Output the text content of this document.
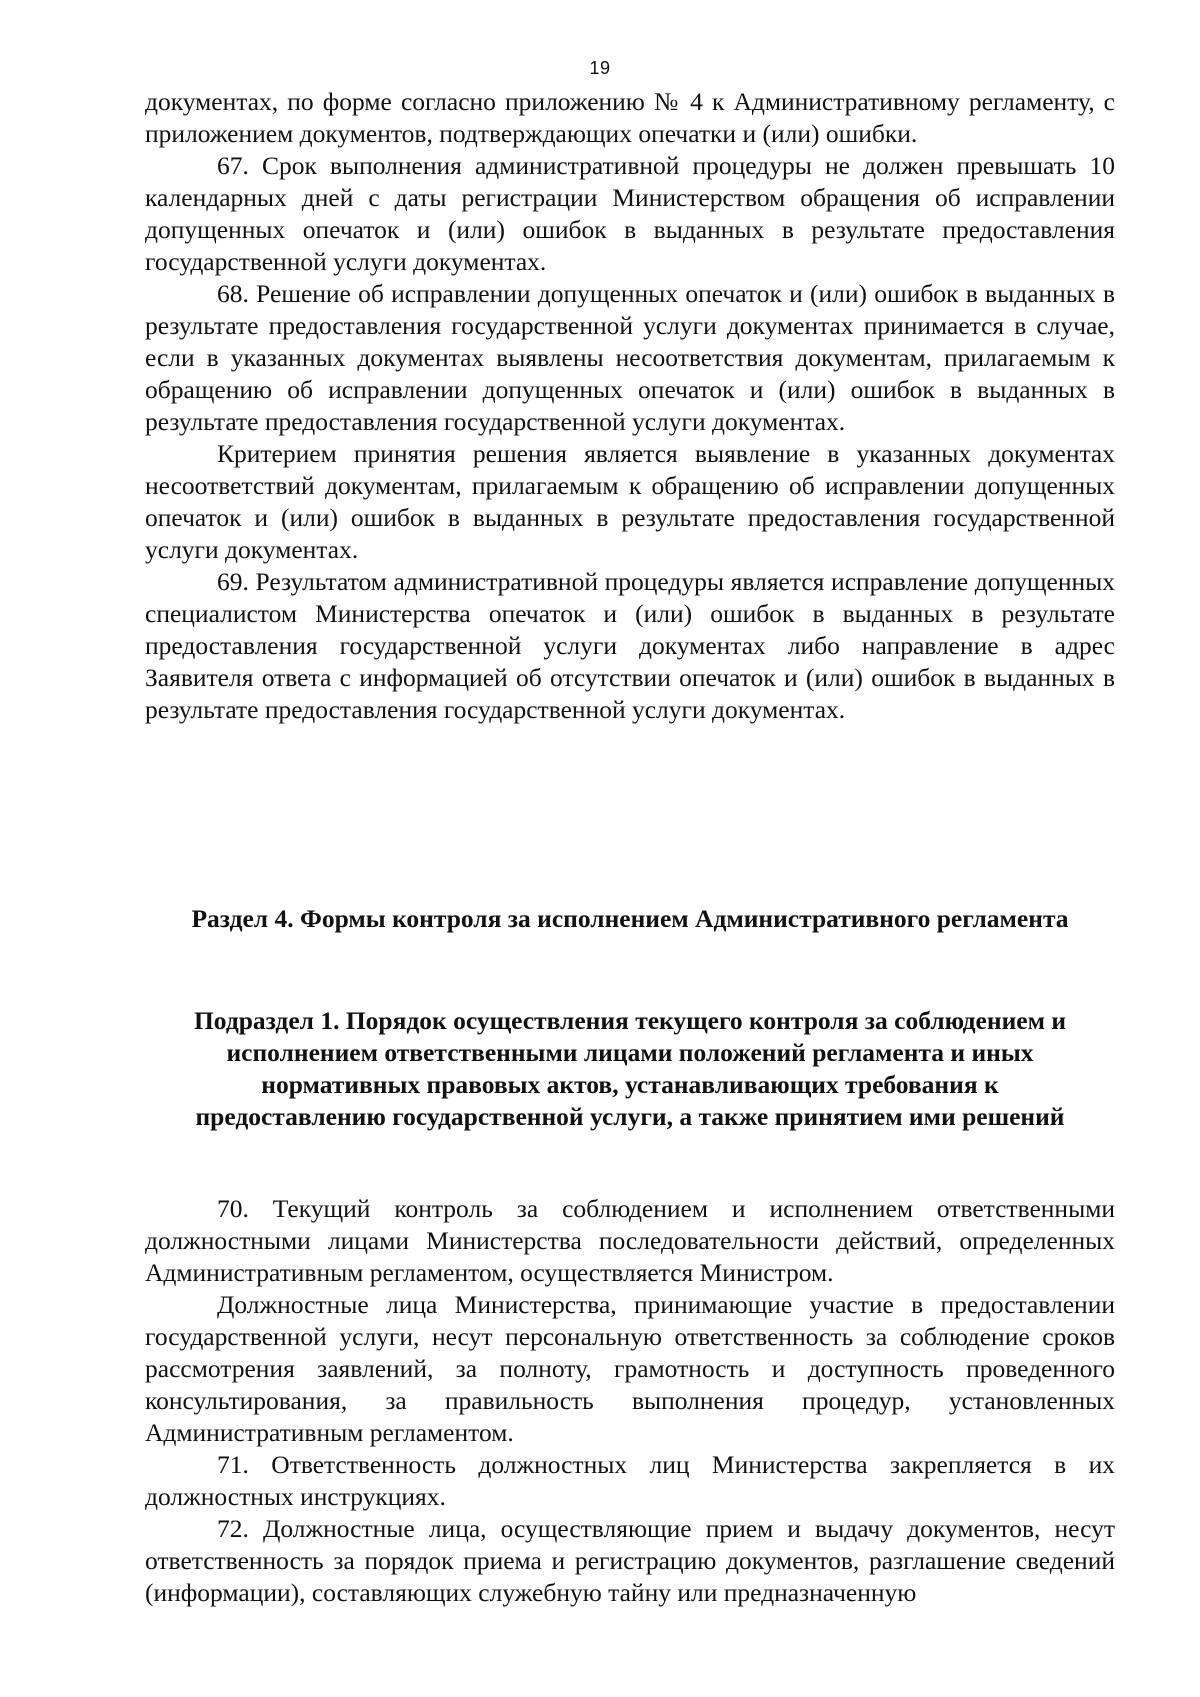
19

документах, по форме согласно приложению № 4 к Административному регламенту, с приложением документов, подтверждающих опечатки и (или) ошибки.

67. Срок выполнения административной процедуры не должен превышать 10 календарных дней с даты регистрации Министерством обращения об исправлении допущенных опечаток и (или) ошибок в выданных в результате предоставления государственной услуги документах.

68. Решение об исправлении допущенных опечаток и (или) ошибок в выданных в результате предоставления государственной услуги документах принимается в случае, если в указанных документах выявлены несоответствия документам, прилагаемым к обращению об исправлении допущенных опечаток и (или) ошибок в выданных в результате предоставления государственной услуги документах.

Критерием принятия решения является выявление в указанных документах несоответствий документам, прилагаемым к обращению об исправлении допущенных опечаток и (или) ошибок в выданных в результате предоставления государственной услуги документах.

69. Результатом административной процедуры является исправление допущенных специалистом Министерства опечаток и (или) ошибок в выданных в результате предоставления государственной услуги документах либо направление в адрес Заявителя ответа с информацией об отсутствии опечаток и (или) ошибок в выданных в результате предоставления государственной услуги документах.

Раздел 4. Формы контроля за исполнением Административного регламента
Подраздел 1. Порядок осуществления текущего контроля за соблюдением и исполнением ответственными лицами положений регламента и иных нормативных правовых актов, устанавливающих требования к предоставлению государственной услуги, а также принятием ими решений

70. Текущий контроль за соблюдением и исполнением ответственными должностными лицами Министерства последовательности действий, определенных Административным регламентом, осуществляется Министром.

Должностные лица Министерства, принимающие участие в предоставлении государственной услуги, несут персональную ответственность за соблюдение сроков рассмотрения заявлений, за полноту, грамотность и доступность проведенного консультирования, за правильность выполнения процедур, установленных Административным регламентом.

71. Ответственность должностных лиц Министерства закрепляется в их должностных инструкциях.

72. Должностные лица, осуществляющие прием и выдачу документов, несут ответственность за порядок приема и регистрацию документов, разглашение сведений (информации), составляющих служебную тайну или предназначенную
